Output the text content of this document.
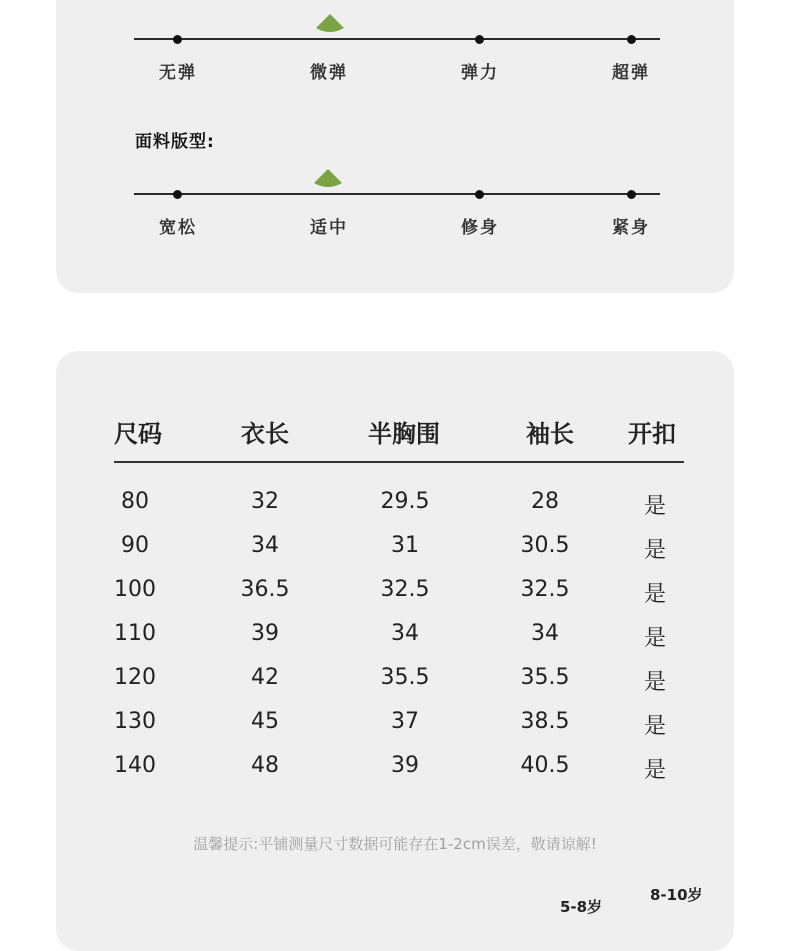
无弹	微弹	弹力	超弹
面料版型:
宽松	适中	修身	紧身
尺码	衣长	半胸围	袖长	开扣
80	32	29.5	28	是
90	34	31	30.5	是
100	36.5	32.5	32.5	是
110	39	34	34	是
120	42	35.5	35.5	是
130	45	37	38.5	是
140	48	39	40.5	是
温馨提示:平铺测量尺寸数据可能存在1-2cm误差，敬请谅解!
5-8岁
8-10岁
